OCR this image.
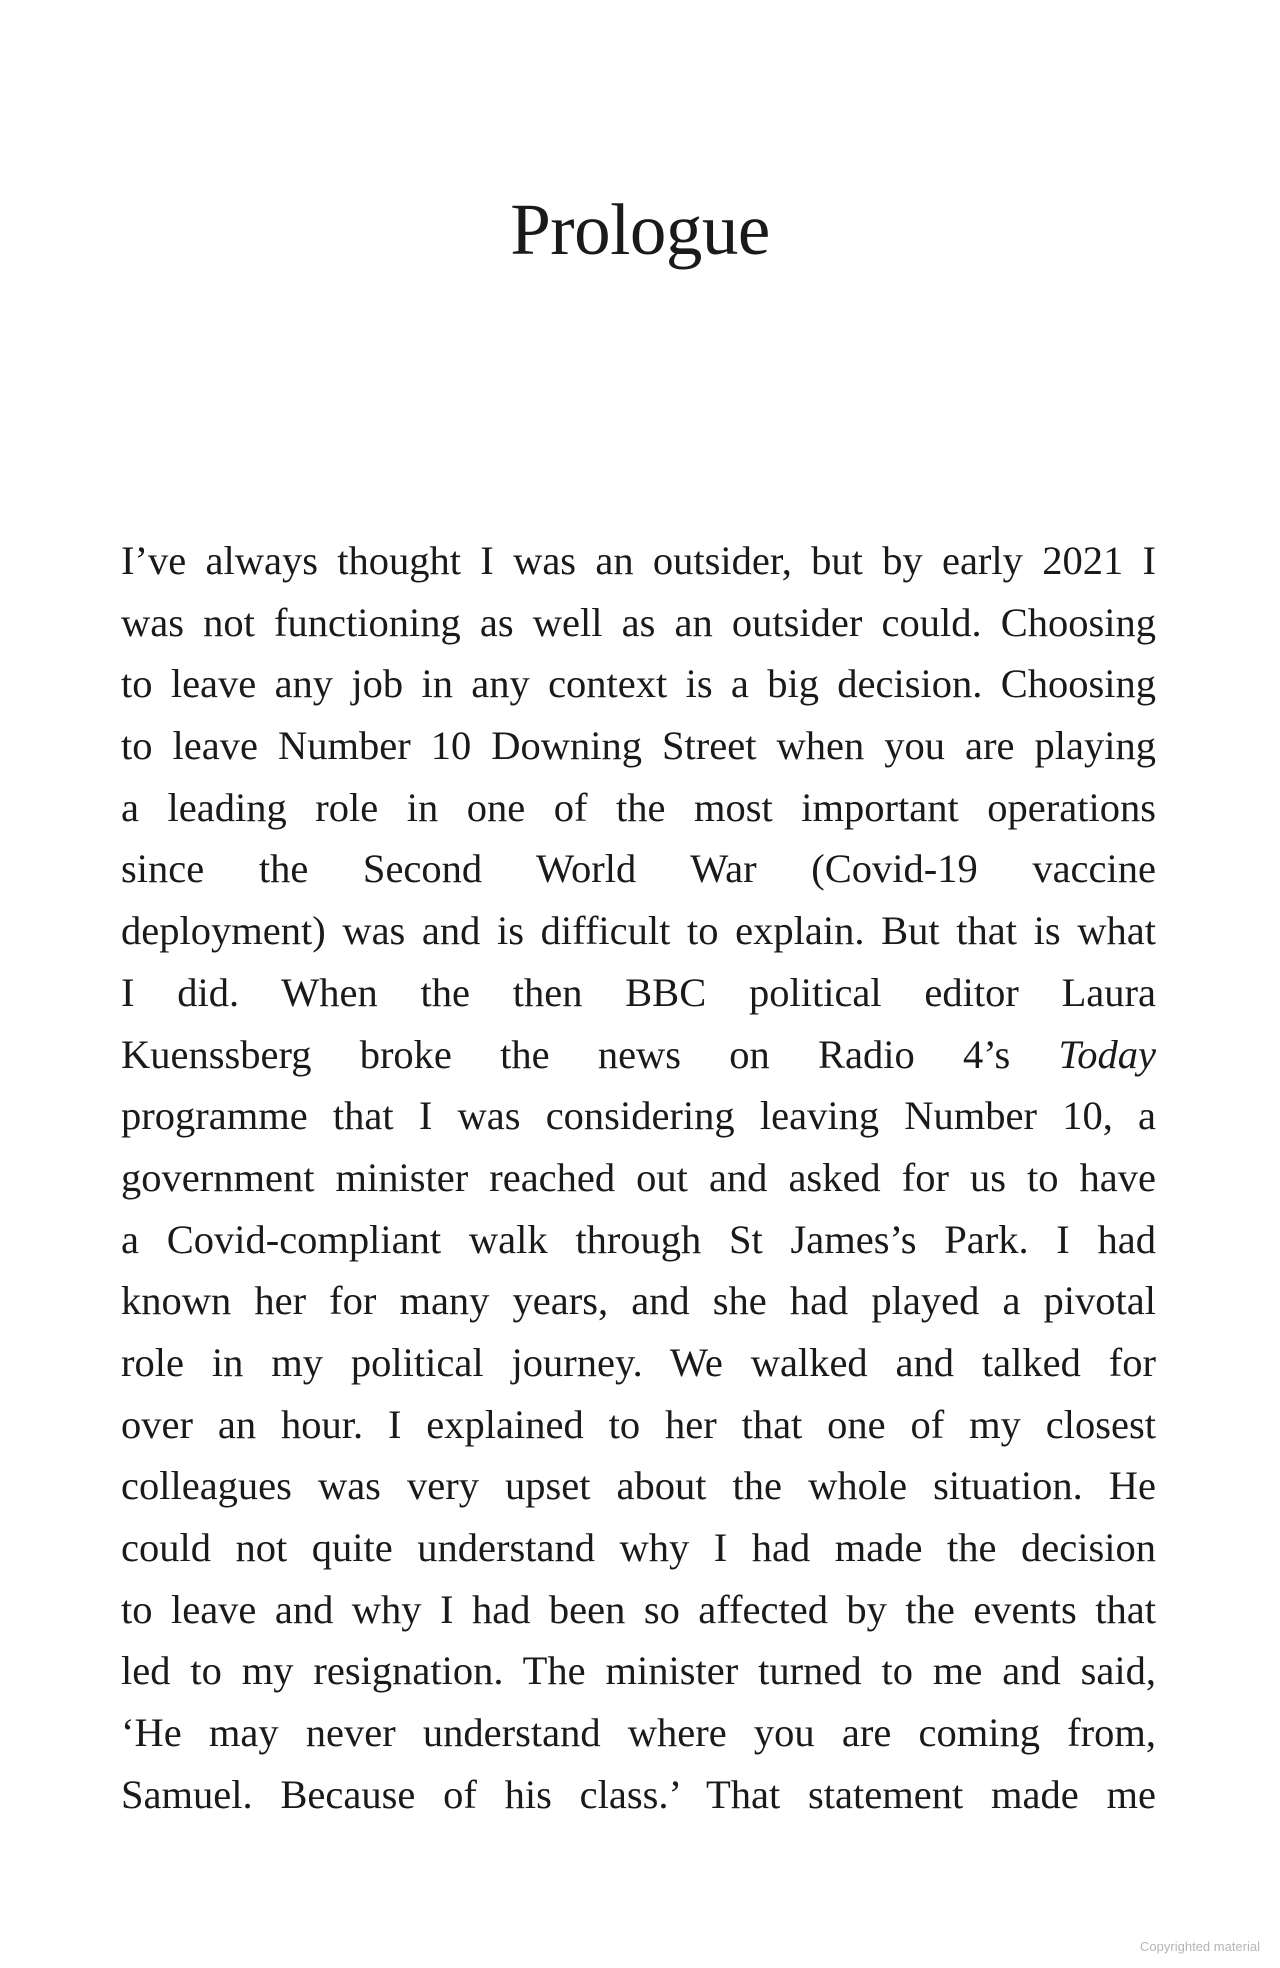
Prologue
I’ve always thought I was an outsider, but by early 2021 I
was not functioning as well as an outsider could. Choosing
to leave any job in any context is a big decision. Choosing
to leave Number 10 Downing Street when you are playing
a leading role in one of the most important operations
since the Second World War (Covid-19 vaccine
deployment) was and is difficult to explain. But that is what
I did. When the then BBC political editor Laura
Kuenssberg broke the news on Radio 4’s Today
programme that I was considering leaving Number 10, a
government minister reached out and asked for us to have
a Covid-compliant walk through St James’s Park. I had
known her for many years, and she had played a pivotal
role in my political journey. We walked and talked for
over an hour. I explained to her that one of my closest
colleagues was very upset about the whole situation. He
could not quite understand why I had made the decision
to leave and why I had been so affected by the events that
led to my resignation. The minister turned to me and said,
‘He may never understand where you are coming from,
Samuel. Because of his class.’ That statement made me
Copyrighted material
